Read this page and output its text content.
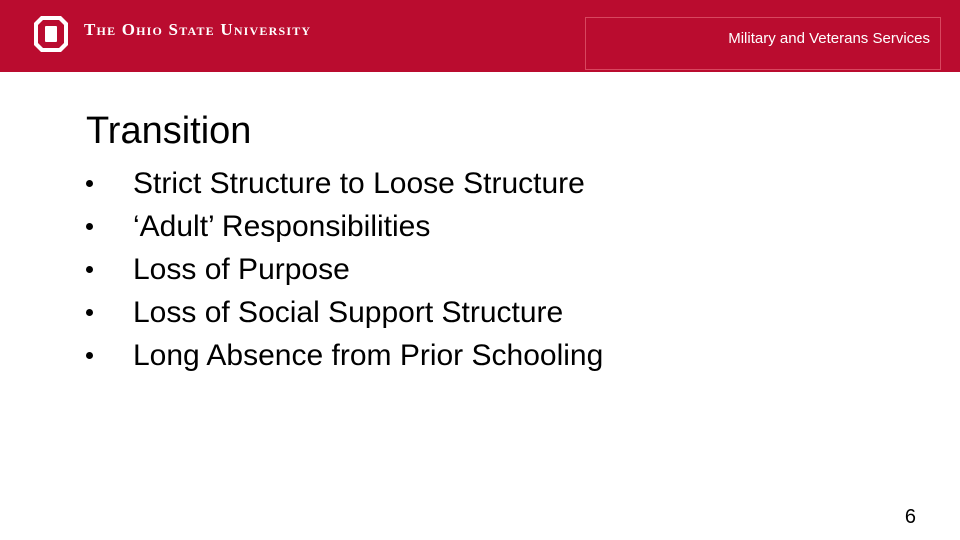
The Ohio State University	Military and Veterans Services
Transition
Strict Structure to Loose Structure
‘Adult’ Responsibilities
Loss of Purpose
Loss of Social Support Structure
Long Absence from Prior Schooling
6
